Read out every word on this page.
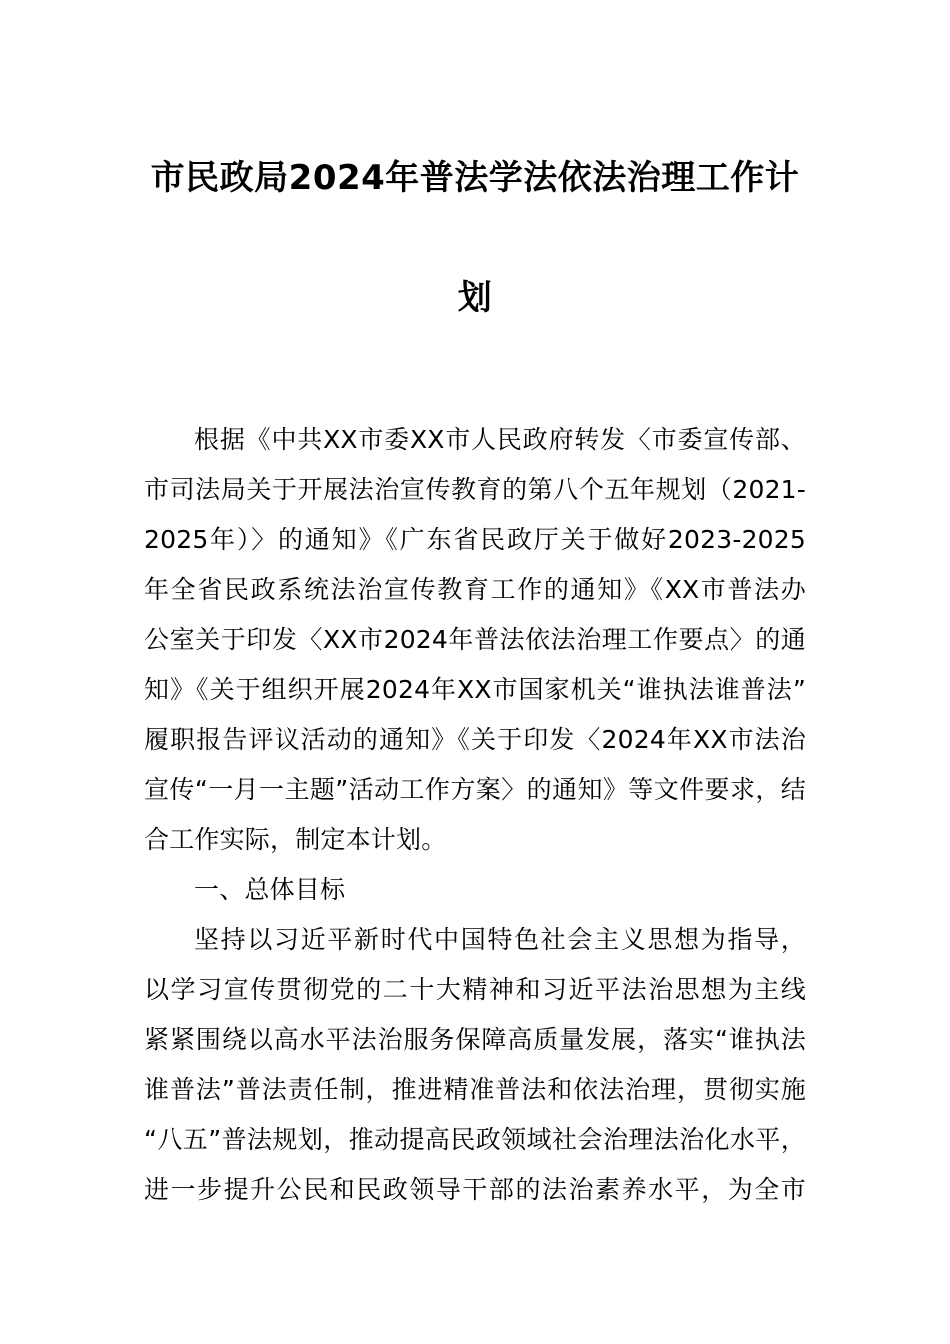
市民政局2024年普法学法依法治理工作计
划
根据《中共XX市委XX市人民政府转发〈市委宣传部、
市司法局关于开展法治宣传教育的第八个五年规划（2021-
2025年）〉的通知》《广东省民政厅关于做好2023-2025
年全省民政系统法治宣传教育工作的通知》《XX市普法办
公室关于印发〈XX市2024年普法依法治理工作要点〉的通
知》《关于组织开展2024年XX市国家机关“谁执法谁普法”
履职报告评议活动的通知》《关于印发〈2024年XX市法治
宣传“一月一主题”活动工作方案〉的通知》等文件要求，结
合工作实际，制定本计划。
一、总体目标
坚持以习近平新时代中国特色社会主义思想为指导，
以学习宣传贯彻党的二十大精神和习近平法治思想为主线
紧紧围绕以高水平法治服务保障高质量发展，落实“谁执法
谁普法”普法责任制，推进精准普法和依法治理，贯彻实施
“八五”普法规划，推动提高民政领域社会治理法治化水平，
进一步提升公民和民政领导干部的法治素养水平，为全市
